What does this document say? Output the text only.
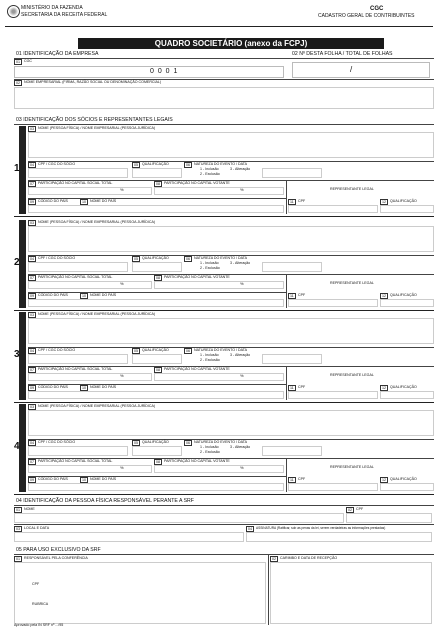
MINISTÉRIO DA FAZENDA
SECRETARIA DA RECEITA FEDERAL
CGC
CADASTRO GERAL DE CONTRIBUINTES
QUADRO SOCIETÁRIO (anexo da FCPJ)
01 IDENTIFICAÇÃO DA EMPRESA	02 Nº DESTA FOLHA / TOTAL DE FOLHAS
01	CGC
0 0 0 1	/
02	NOME EMPRESARIAL (FIRMA, RAZÃO SOCIAL OU DENOMINAÇÃO COMERCIAL)
03 IDENTIFICAÇÃO DOS SÓCIOS E REPRESENTANTES LEGAIS
1
03	NOME (PESSOA FÍSICA) / NOME EMPRESARIAL (PESSOA JURÍDICA)
04	CPF / CGC DO SÓCIO	05	QUALIFICAÇÃO	06	NATUREZA DO EVENTO / DATA
1 - Inclusão	3 - Alteração
2 - Exclusão
07	PARTICIPAÇÃO NO CAPITAL SOCIAL TOTAL
%
08	PARTICIPAÇÃO NO CAPITAL VOTANTE
%	REPRESENTANTE LEGAL
09	CÓDIGO DO PAÍS	10	NOME DO PAÍS	11	CPF	12	QUALIFICAÇÃO
2
03	NOME (PESSOA FÍSICA) / NOME EMPRESARIAL (PESSOA JURÍDICA)
04	CPF / CGC DO SÓCIO	05	QUALIFICAÇÃO	06	NATUREZA DO EVENTO / DATA
1 - Inclusão	3 - Alteração
2 - Exclusão
07	PARTICIPAÇÃO NO CAPITAL SOCIAL TOTAL
%
08	PARTICIPAÇÃO NO CAPITAL VOTANTE
%	REPRESENTANTE LEGAL
09	CÓDIGO DO PAÍS	10	NOME DO PAÍS	11	CPF	12	QUALIFICAÇÃO
3
03	NOME (PESSOA FÍSICA) / NOME EMPRESARIAL (PESSOA JURÍDICA)
04	CPF / CGC DO SÓCIO	05	QUALIFICAÇÃO	06	NATUREZA DO EVENTO / DATA
1 - Inclusão	3 - Alteração
2 - Exclusão
07	PARTICIPAÇÃO NO CAPITAL SOCIAL TOTAL
%
08	PARTICIPAÇÃO NO CAPITAL VOTANTE
%	REPRESENTANTE LEGAL
09	CÓDIGO DO PAÍS	10	NOME DO PAÍS	11	CPF	12	QUALIFICAÇÃO
4
03	NOME (PESSOA FÍSICA) / NOME EMPRESARIAL (PESSOA JURÍDICA)
04	CPF / CGC DO SÓCIO	05	QUALIFICAÇÃO	06	NATUREZA DO EVENTO / DATA
1 - Inclusão	3 - Alteração
2 - Exclusão
07	PARTICIPAÇÃO NO CAPITAL SOCIAL TOTAL
%
08	PARTICIPAÇÃO NO CAPITAL VOTANTE
%	REPRESENTANTE LEGAL
09	CÓDIGO DO PAÍS	10	NOME DO PAÍS	11	CPF	12	QUALIFICAÇÃO
04 IDENTIFICAÇÃO DA PESSOA FÍSICA RESPONSÁVEL PERANTE A SRF
01	NOME	02	CPF
03	LOCAL E DATA	04	ASSINATURA (Ratificar, sob as penas da lei, serem verdadeiras as informações prestadas)
05 PARA USO EXCLUSIVO DA SRF
01	RESPONSÁVEL PELA CONFERÊNCIA	02	CARIMBO E DATA DE RECEPÇÃO
CPF
RUBRICA
Aprovado pela IN SRF nº .../95
